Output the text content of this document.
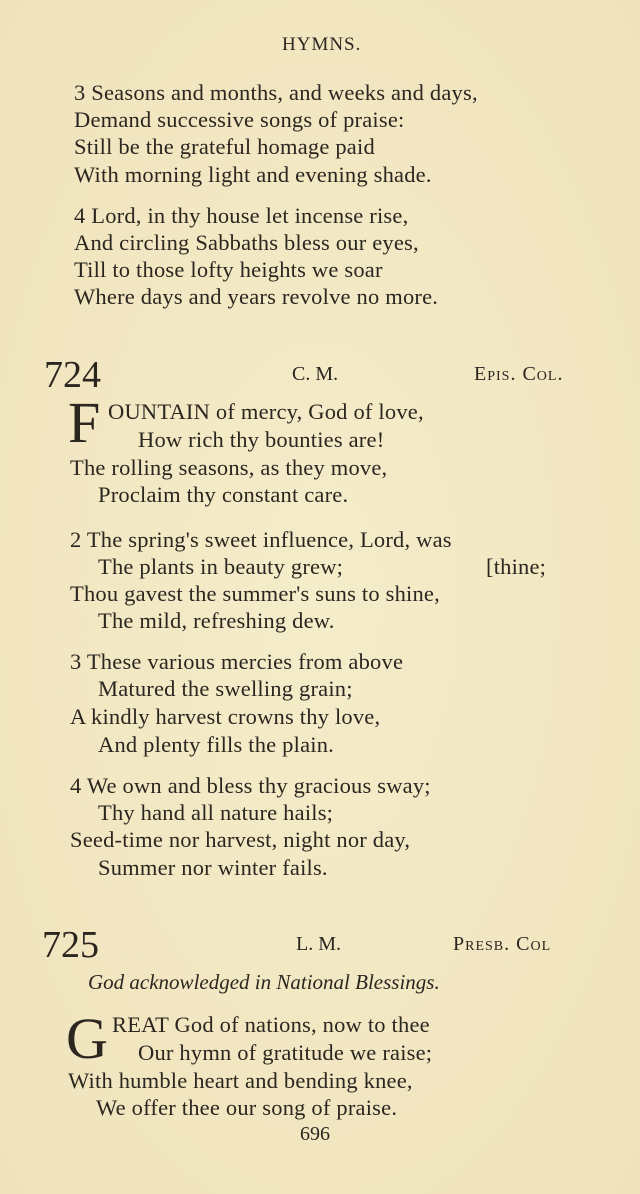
HYMNS.
3 Seasons and months, and weeks and days,
Demand successive songs of praise:
Still be the grateful homage paid
With morning light and evening shade.
4 Lord, in thy house let incense rise,
And circling Sabbaths bless our eyes,
Till to those lofty heights we soar
Where days and years revolve no more.
724	C. M.	Epis. Col.
F OUNTAIN of mercy, God of love,
How rich thy bounties are!
The rolling seasons, as they move,
Proclaim thy constant care.
2 The spring's sweet influence, Lord, was
The plants in beauty grew;	[thine;
Thou gavest the summer's suns to shine,
The mild, refreshing dew.
3 These various mercies from above
Matured the swelling grain;
A kindly harvest crowns thy love,
And plenty fills the plain.
4 We own and bless thy gracious sway;
Thy hand all nature hails;
Seed-time nor harvest, night nor day,
Summer nor winter fails.
725	L. M.	Presb. Col
God acknowledged in National Blessings.
G REAT God of nations, now to thee
Our hymn of gratitude we raise;
With humble heart and bending knee,
We offer thee our song of praise.
696
